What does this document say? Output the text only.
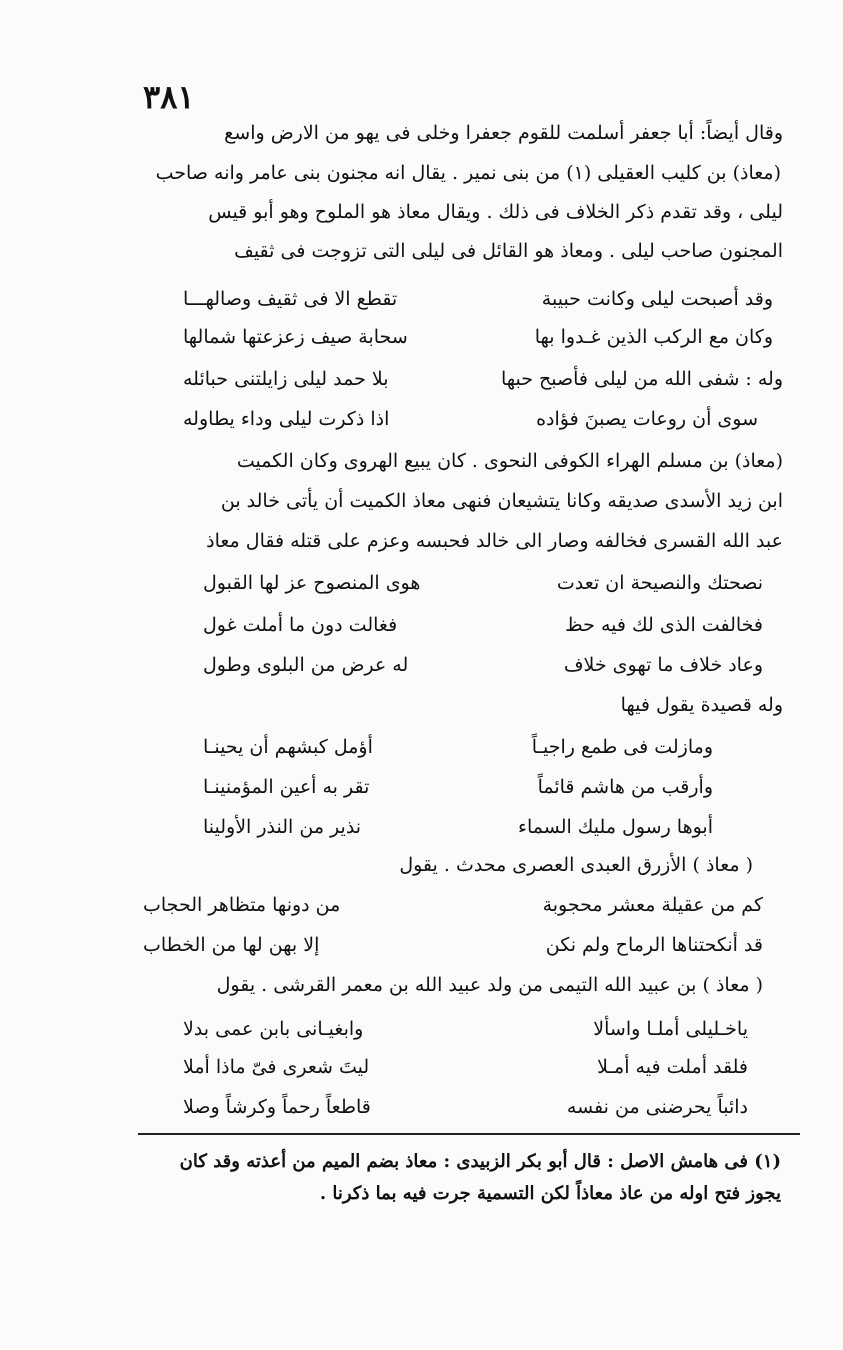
٣٨١
وقال أيضاً: أبا جعفر أسلمت للقوم جعفرا وخلى فى يهو من الارض واسع
(معاذ) بن كليب العقيلى (١) من بنى نمير . يقال انه مجنون بنى عامر وانه صاحب
ليلى ، وقد تقدم ذكر الخلاف فى ذلك . ويقال معاذ هو الملوح وهو أبو قيس
المجنون صاحب ليلى . ومعاذ هو القائل فى ليلى التى تزوجت فى ثقيف
وقد أصبحت ليلى وكانت حبيبة
تقطع الا فى ثقيف وصالهـــا
وكان مع الركب الذين غـدوا بها
سحابة صيف زعزعتها شمالها
وله : شفى الله من ليلى فأصبح حبها
بلا حمد ليلى زايلتنى حبائله
سوى أن روعات يصبنَ فؤاده
اذا ذكرت ليلى وداء يطاوله
(معاذ) بن مسلم الهراء الكوفى النحوى . كان يبيع الهروى وكان الكميت
ابن زيد الأسدى صديقه وكانا يتشيعان فنهى معاذ الكميت أن يأتى خالد بن
عبد الله القسرى فخالفه وصار الى خالد فحبسه وعزم على قتله فقال معاذ
نصحتك والنصيحة ان تعدت
هوى المنصوح عز لها القبول
فخالفت الذى لك فيه حظ
فغالت دون ما أملت غول
وعاد خلاف ما تهوى خلاف
له عرض من البلوى وطول
وله قصيدة يقول فيها
ومازلت فى طمع راجيـاً
أؤمل كبشهم أن يحينـا
وأرقب من هاشم قائماً
تقر به أعين المؤمنينـا
أبوها رسول مليك السماء
نذير من النذر الأولينا
( معاذ ) الأزرق العبدى العصرى محدث . يقول
كم من عقيلة معشر محجوبة
من دونها متظاهر الحجاب
قد أنكحتناها الرماح ولم نكن
إلا بهن لها من الخطاب
( معاذ ) بن عبيد الله التيمى من ولد عبيد الله بن معمر القرشى . يقول
ياخـليلى أملـا واسألا
وابغيـانى بابن عمى بدلا
فلقد أملت فيه أمـلا
ليتَ شعرى فىّ ماذا أملا
دائباً يحرضنى من نفسه
قاطعاً رحماً وكرشاً وصلا
(١) فى هامش الاصل : قال أبو بكر الزبيدى : معاذ بضم الميم من أعذته وقد كان
يجوز فتح اوله من عاذ معاذاً لكن التسمية جرت فيه بما ذكرنا .
